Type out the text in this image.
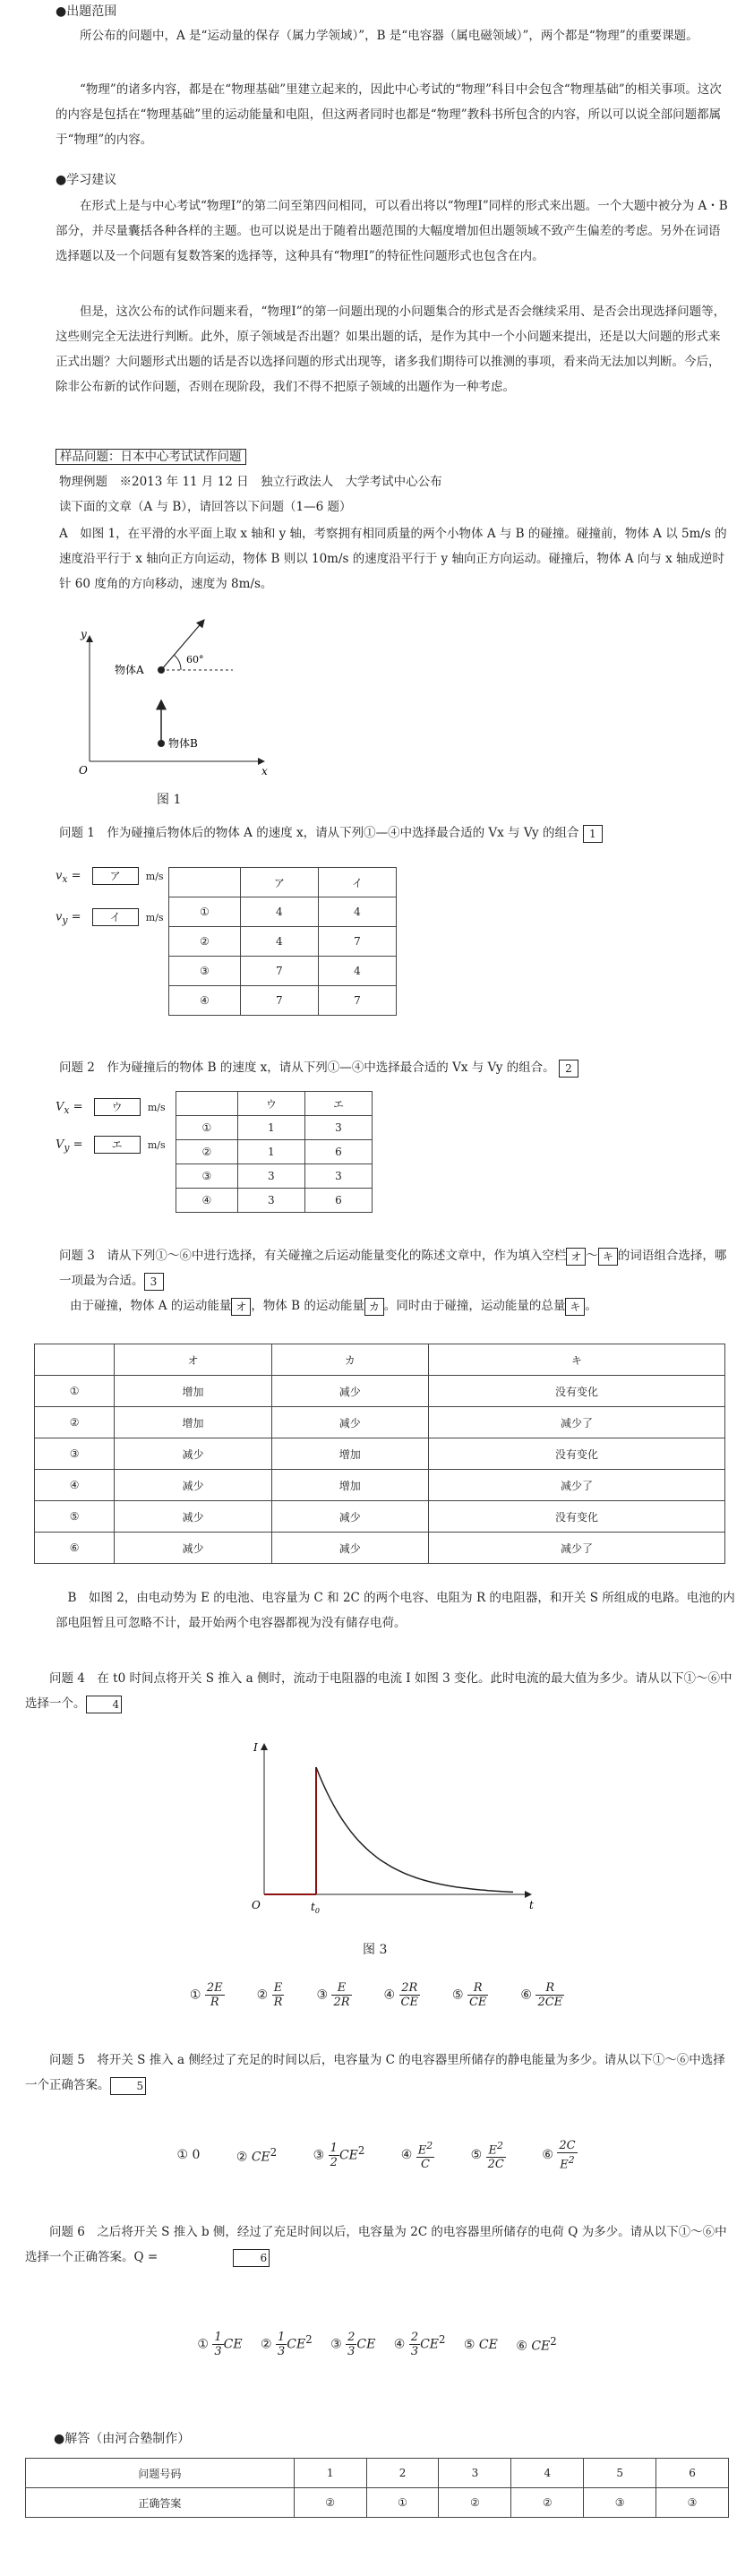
●出題范围
所公布的问题中，A 是“运动量的保存（属力学领域）”，B 是“电容器（属电磁领域）”，两个都是“物理”的重要课题。
“物理”的诸多内容，都是在“物理基础”里建立起来的，因此中心考试的“物理”科目中会包含“物理基础”的相关事项。这次的内容是包括在“物理基础”里的运动能量和电阻，但这两者同时也都是“物理”教科书所包含的内容，所以可以说全部问题都属于“物理”的内容。
●学习建议
在形式上是与中心考试“物理Ⅰ”的第二问至第四问相同，可以看出将以“物理Ⅰ”同样的形式来出题。一个大题中被分为 A・B 部分，并尽量囊括各种各样的主题。也可以说是出于随着出题范围的大幅度增加但出题领域不致产生偏差的考虑。另外在词语选择题以及一个问题有复数答案的选择等，这种具有“物理Ⅰ”的特征性问题形式也包含在内。
但是，这次公布的试作问题来看，“物理Ⅰ”的第一问题出现的小问题集合的形式是否会继续采用、是否会出现选择问题等，这些则完全无法进行判断。此外，原子领域是否出题？如果出题的话，是作为其中一个小问题来提出，还是以大问题的形式来正式出题？大问题形式出题的话是否以选择问题的形式出现等，诸多我们期待可以推测的事项，看来尚无法加以判断。今后，除非公布新的试作问题，否则在现阶段，我们不得不把原子领域的出题作为一种考虑。
样品问题：日本中心考试试作问题
物理例题　※2013 年 11 月 12 日　独立行政法人　大学考试中心公布
读下面的文章（A 与 B），请回答以下问题（1—6 题）
A　如图 1，在平滑的水平面上取 x 轴和 y 轴，考察拥有相同质量的两个小物体 A 与 B 的碰撞。碰撞前，物体 A 以 5m/s 的速度沿平行于 x 轴向正方向运动，物体 B 则以 10m/s 的速度沿平行于 y 轴向正方向运动。碰撞后，物体 A 向与 x 轴成逆时针 60 度角的方向移动，速度为 8m/s。
y
x
O
物体A
物体B
60°
图 1
问题 1　作为碰撞后物体后的物体 A 的速度 x，请从下列①—④中选择最合适的 Vx 与 Vy 的组合 1
$v_x$ = ア	m/s
$v_y$ = イ	m/s
	ア	イ
①	4	4
②	4	7
③	7	4
④	7	7
问题 2　作为碰撞后的物体 B 的速度 x，请从下列①—④中选择最合适的 Vx 与 Vy 的组合。 2
$V_x$ = ウ	m/s
$V_y$ = エ	m/s
	ウ	エ
①	1	3
②	1	6
③	3	3
④	3	6
问题 3　请从下列①～⑥中进行选择，有关碰撞之后运动能量变化的陈述文章中，作为填入空栏 オ ～ キ 的词语组合选择，哪一项最为合适。 3
由于碰撞，物体 A 的运动能量 オ ，物体 B 的运动能量 カ 。同时由于碰撞，运动能量的总量 キ 。
	オ	カ	キ
①	增加	减少	没有变化
②	增加	减少	减少了
③	减少	增加	没有变化
④	减少	增加	减少了
⑤	减少	减少	没有变化
⑥	减少	减少	减少了
B　如图 2，由电动势为 E 的电池、电容量为 C 和 2C 的两个电容、电阻为 R 的电阻器，和开关 S 所组成的电路。电池的内部电阻暂且可忽略不计，最开始两个电容器都视为没有储存电荷。
问题 4　在 t0 时间点将开关 S 推入 a 侧时，流动于电阻器的电流 I 如图 3 变化。此时电流的最大值为多少。请从以下①～⑥中选择一个。	4
I
t
O	$t_0$
图 3
① $\frac{2E}{R}$	② $\frac{E}{R}$	③ $\frac{E}{2R}$	④ $\frac{2R}{CE}$	⑤ $\frac{R}{CE}$	⑥ $\frac{R}{2CE}$
问题 5　将开关 S 推入 a 侧经过了充足的时间以后，电容量为 C 的电容器里所储存的静电能量为多少。请从以下①～⑥中选择一个正确答案。	5
① 0	② $CE^2$	③ $\frac{1}{2} CE^2$	④ $\frac{E^2}{C}$	⑤ $\frac{E^2}{2C}$	⑥ $\frac{2C}{E^2}$
问题 6　之后将开关 S 推入 b 侧，经过了充足时间以后，电容量为 2C 的电容器里所储存的电荷 Q 为多少。请从以下①～⑥中选择一个正确答案。Q =	6
① $\frac{1}{3}$ CE ② $\frac{1}{3} CE^2$ ③ $\frac{2}{3}$ CE ④ $\frac{2}{3} CE^2$ ⑤ CE ⑥ $CE^2$
●解答（由河合塾制作）
问题号码	1	2	3	4	5	6
正确答案	②	①	②	②	③	③
